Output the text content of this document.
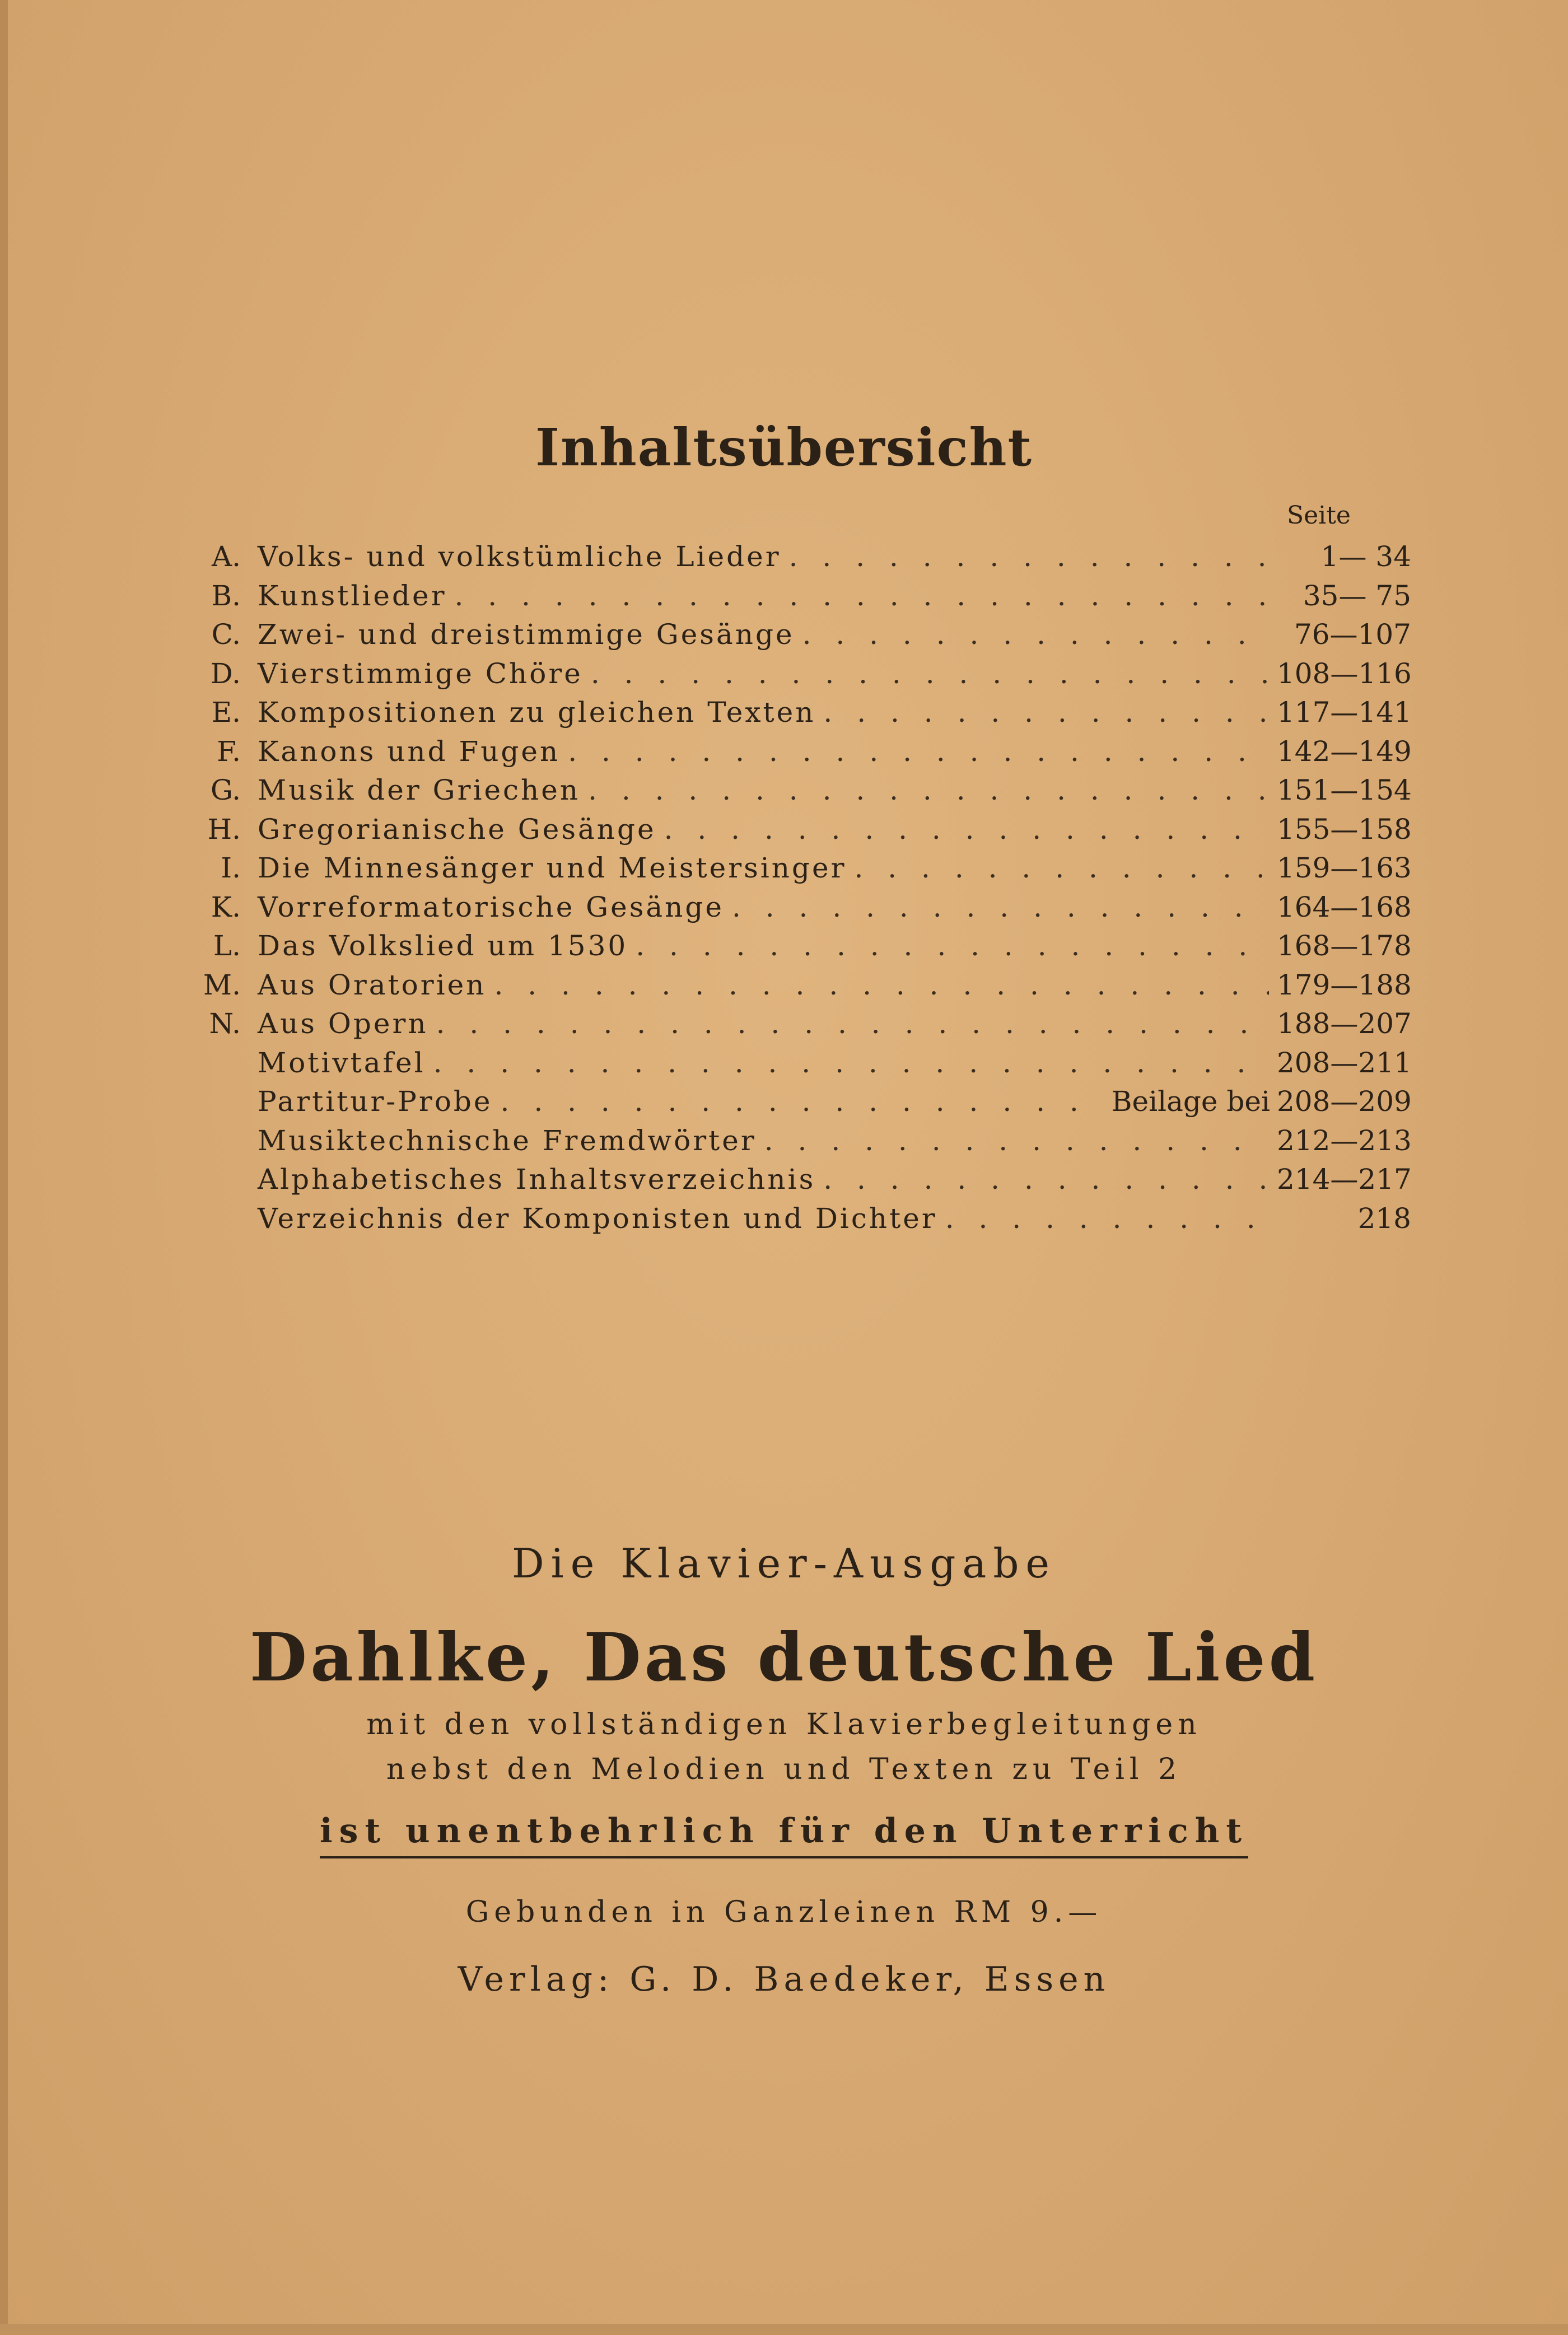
Inhaltsübersicht
Seite
A. Volks- und volkstümliche Lieder . . .	1— 34
B. Kunstlieder . . .	35— 75
C. Zwei- und dreistimmige Gesänge . . .	76—107
D. Vierstimmige Chöre . . .	108—116
E. Kompositionen zu gleichen Texten . . .	117—141
F. Kanons und Fugen . . .	142—149
G. Musik der Griechen . . .	151—154
H. Gregorianische Gesänge . . .	155—158
I. Die Minnesänger und Meistersinger . . .	159—163
K. Vorreformatorische Gesänge . . .	164—168
L. Das Volkslied um 1530 . . .	168—178
M. Aus Oratorien . . .	179—188
N. Aus Opern . . .	188—207
Motivtafel . . .	208—211
Partitur-Probe . . .	Beilage bei 208—209
Musiktechnische Fremdwörter . . .	212—213
Alphabetisches Inhaltsverzeichnis . . .	214—217
Verzeichnis der Komponisten und Dichter . . .	218
Die Klavier-Ausgabe
Dahlke, Das deutsche Lied
mit den vollständigen Klavierbegleitungen
nebst den Melodien und Texten zu Teil 2
ist unentbehrlich für den Unterricht
Gebunden in Ganzleinen RM 9.—
Verlag: G. D. Baedeker, Essen
